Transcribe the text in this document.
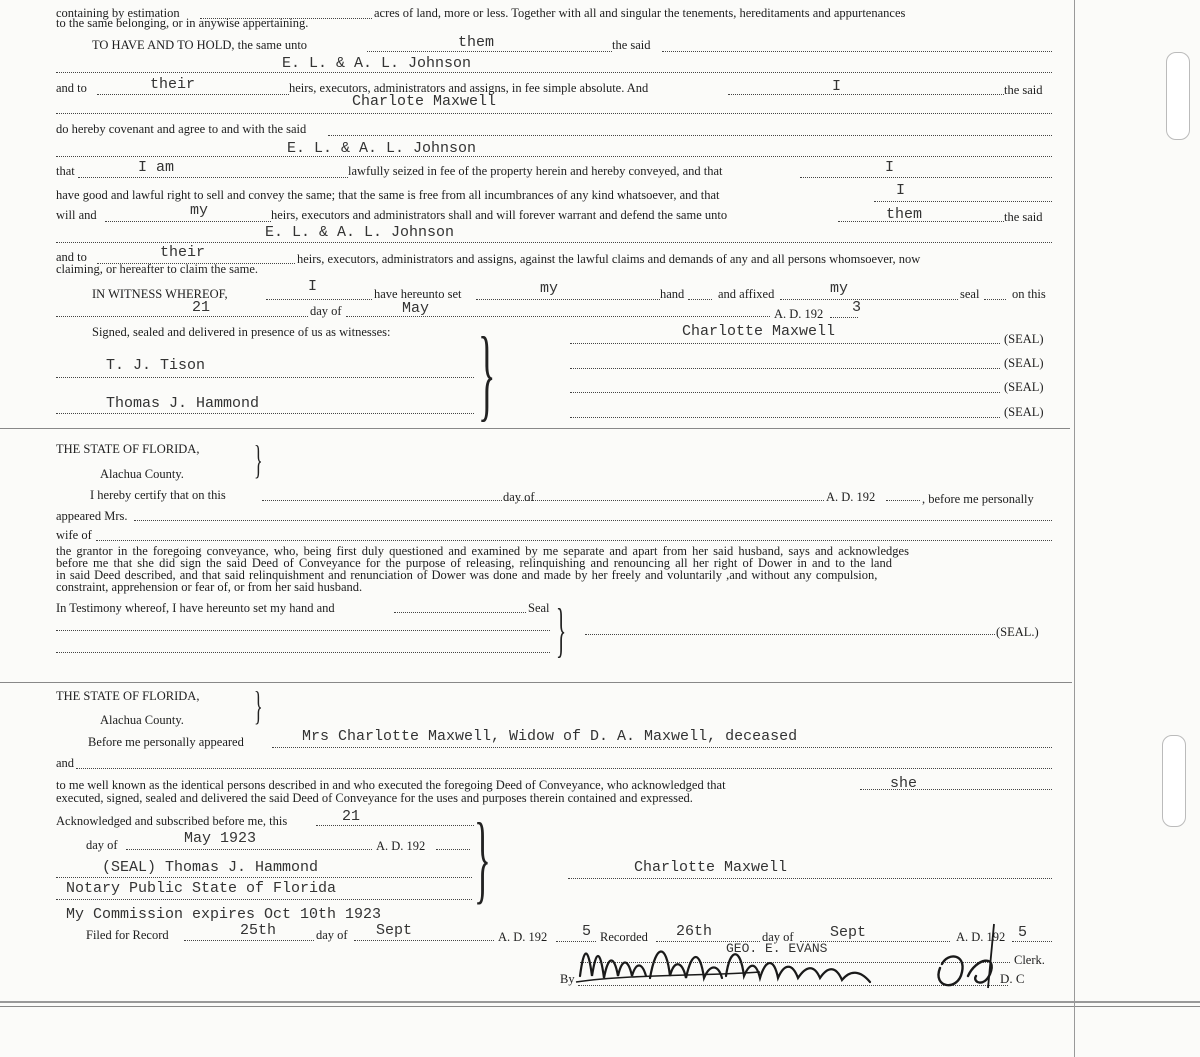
containing by estimation	acres of land, more or less. Together with all and singular the tenements, hereditaments and appurtenances
to the same belonging, or in anywise appertaining.
TO HAVE AND TO HOLD, the same unto	them	the said
E. L. & A. L. Johnson
and to	their	heirs, executors, administrators and assigns, in fee simple absolute. And	I	the said
Charlote Maxwell
do hereby covenant and agree to and with the said
E. L. & A. L. Johnson
that	I am	lawfully seized in fee of the property herein and hereby conveyed, and that	I
have good and lawful right to sell and convey the same; that the same is free from all incumbrances of any kind whatsoever, and that	I
will and	my	heirs, executors and administrators shall and will forever warrant and defend the same unto	them	the said
E. L. & A. L. Johnson
and to	their	heirs, executors, administrators and assigns, against the lawful claims and demands of any and all persons whomsoever, now
claiming, or hereafter to claim the same.
IN WITNESS WHEREOF,	I	have hereunto set	my	hand	and affixed	my	seal	on this
21	day of	May	A. D. 192 3
Signed, sealed and delivered in presence of us as witnesses: }	Charlotte Maxwell	(SEAL)
(SEAL)
(SEAL)
(SEAL)
T. J. Tison
Thomas J. Hammond
THE STATE OF FLORIDA, }
Alachua County.
I hereby certify that on this	day of	A. D. 192	, before me personally
appeared Mrs.
wife of
the grantor in the foregoing conveyance, who, being first duly questioned and examined by me separate and apart from her said husband, says and acknowledges
before me that she did sign the said Deed of Conveyance for the purpose of releasing, relinquishing and renouncing all her right of Dower in and to the land
in said Deed described, and that said relinquishment and renunciation of Dower was done and made by her freely and voluntarily ,and without any compulsion,
constraint, apprehension or fear of, or from her said husband.
In Testimony whereof, I have hereunto set my hand and	Seal }	(SEAL.)
THE STATE OF FLORIDA, }
Alachua County.
Before me personally appeared	Mrs Charlotte Maxwell, Widow of D. A. Maxwell, deceased
and
to me well known as the identical persons described in and who executed the foregoing Deed of Conveyance, who acknowledged that	she
executed, signed, sealed and delivered the said Deed of Conveyance for the uses and purposes therein contained and expressed.
Acknowledged and subscribed before me, this	21 }
day of	May 1923	A. D. 192
(SEAL) Thomas J. Hammond
Notary Public State of Florida
Charlotte Maxwell
My Commission expires Oct 10th 1923
Filed for Record	25th	day of Sept	A. D. 192 5 Recorded 26th	day of Sept	A. D. 192 5
GEO. E. EVANS
Clerk.
By	D. C
